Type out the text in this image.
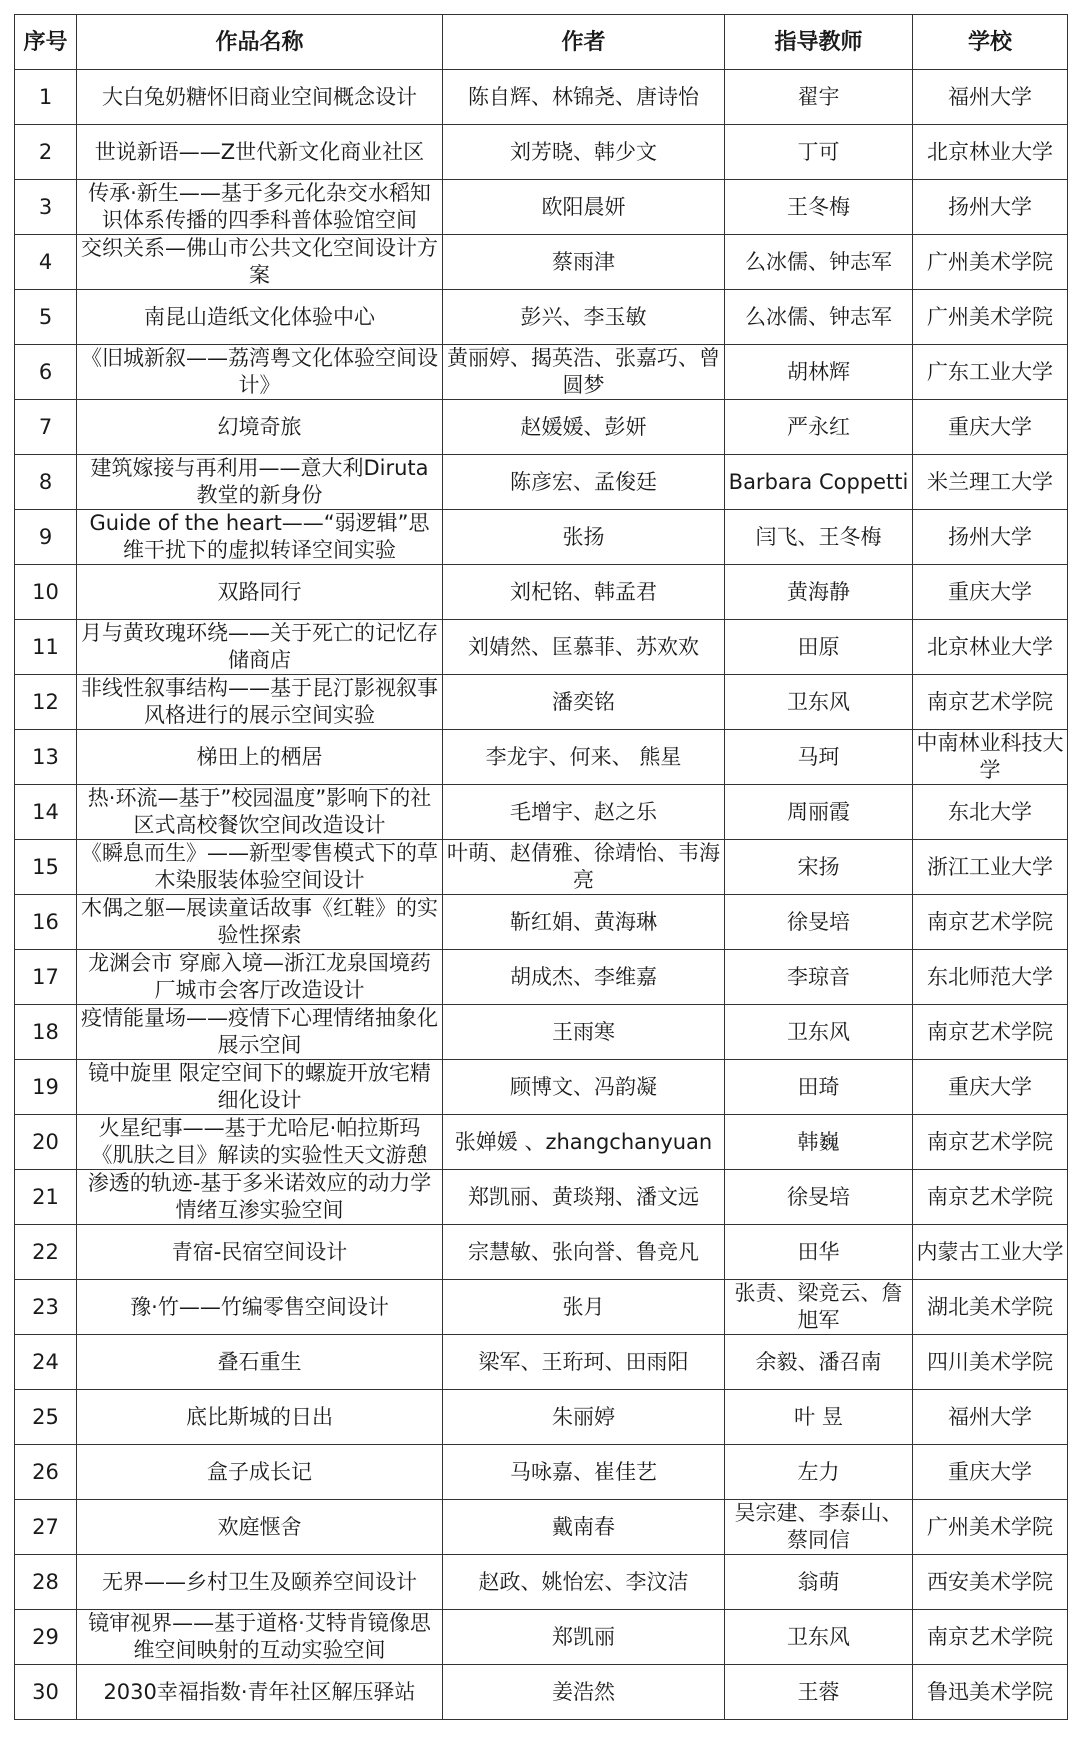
序号	作品名称	作者	指导教师	学校
1	大白兔奶糖怀旧商业空间概念设计	陈自辉、林锦尧、唐诗怡	翟宇	福州大学
2	世说新语——Z世代新文化商业社区	刘芳晓、韩少文	丁可	北京林业大学
3	传承·新生——基于多元化杂交水稻知识体系传播的四季科普体验馆空间	欧阳晨妍	王冬梅	扬州大学
4	交织关系—佛山市公共文化空间设计方案	蔡雨津	么冰儒、钟志军	广州美术学院
5	南昆山造纸文化体验中心	彭兴、李玉敏	么冰儒、钟志军	广州美术学院
6	《旧城新叙——荔湾粤文化体验空间设计》	黄丽婷、揭英浩、张嘉巧、曾圆梦	胡林辉	广东工业大学
7	幻境奇旅	赵媛媛、彭妍	严永红	重庆大学
8	建筑嫁接与再利用——意大利Diruta教堂的新身份	陈彦宏、孟俊廷	Barbara Coppetti	米兰理工大学
9	Guide of the heart——“弱逻辑”思维干扰下的虚拟转译空间实验	张扬	闫飞、王冬梅	扬州大学
10	双路同行	刘杞铭、韩孟君	黄海静	重庆大学
11	月与黄玫瑰环绕——关于死亡的记忆存储商店	刘婧然、匡慕菲、苏欢欢	田原	北京林业大学
12	非线性叙事结构——基于昆汀影视叙事风格进行的展示空间实验	潘奕铭	卫东风	南京艺术学院
13	梯田上的栖居	李龙宇、何来、 熊星	马珂	中南林业科技大学
14	热·环流—基于”校园温度”影响下的社区式高校餐饮空间改造设计	毛增宇、赵之乐	周丽霞	东北大学
15	《瞬息而生》——新型零售模式下的草木染服装体验空间设计	叶萌、赵倩雅、徐靖怡、韦海亮	宋扬	浙江工业大学
16	木偶之躯—展读童话故事《红鞋》的实验性探索	靳红娟、黄海琳	徐旻培	南京艺术学院
17	龙渊会市 穿廊入境—浙江龙泉国境药厂城市会客厅改造设计	胡成杰、李维嘉	李琼音	东北师范大学
18	疫情能量场——疫情下心理情绪抽象化展示空间	王雨寒	卫东风	南京艺术学院
19	镜中旋里 限定空间下的螺旋开放宅精细化设计	顾博文、冯韵凝	田琦	重庆大学
20	火星纪事——基于尤哈尼·帕拉斯玛《肌肤之目》解读的实验性天文游憩	张婵媛 、zhangchanyuan	韩巍	南京艺术学院
21	渗透的轨迹-基于多米诺效应的动力学情绪互渗实验空间	郑凯丽、黄琰翔、潘文远	徐旻培	南京艺术学院
22	青宿-民宿空间设计	宗慧敏、张向誉、鲁竞凡	田华	内蒙古工业大学
23	豫·竹——竹编零售空间设计	张月	张责、梁竞云、詹旭军	湖北美术学院
24	叠石重生	梁军、王珩珂、田雨阳	余毅、潘召南	四川美术学院
25	底比斯城的日出	朱丽婷	叶 昱	福州大学
26	盒子成长记	马咏嘉、崔佳艺	左力	重庆大学
27	欢庭惬舍	戴南春	吴宗建、李泰山、蔡同信	广州美术学院
28	无界——乡村卫生及颐养空间设计	赵政、姚怡宏、李汶洁	翁萌	西安美术学院
29	镜审视界——基于道格·艾特肯镜像思维空间映射的互动实验空间	郑凯丽	卫东风	南京艺术学院
30	2030幸福指数·青年社区解压驿站	姜浩然	王蓉	鲁迅美术学院
